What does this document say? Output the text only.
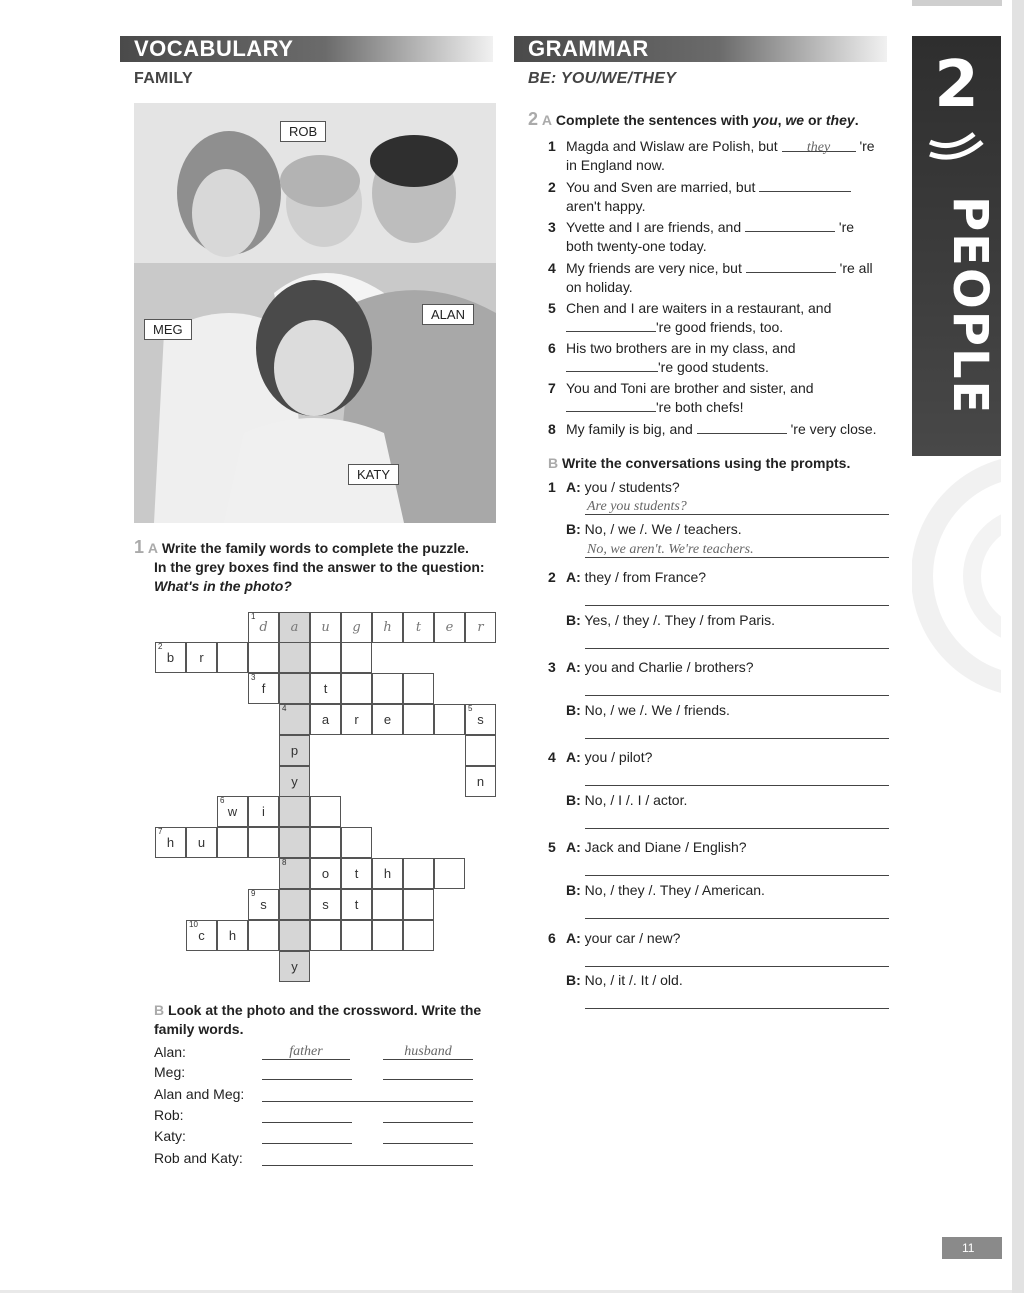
VOCABULARY
FAMILY
GRAMMAR
BE: YOU/WE/THEY
ROB
MEG
ALAN
KATY
1 A Write the family words to complete the puzzle.
In the grey boxes find the answer to the question:
What's in the photo?
1
d	a	u	g	h	t	e	r
2
b	r
3
f	t
4
a	r	e
5
s
p
y	n
6
w	i
7
h	u
8
o	t	h
9
s	s	t
10
c	h
y
B Look at the photo and the crossword. Write the
family words.
Alan:	father	husband
Meg:
Alan and Meg:
Rob:
Katy:
Rob and Katy:
2 A Complete the sentences with you, we or they.
1 Magda and Wislaw are Polish, but they 're
in England now.
2 You and Sven are married, but
aren't happy.
3 Yvette and I are friends, and	're
both twenty-one today.
4 My friends are very nice, but	're all
on holiday.
5 Chen and I are waiters in a restaurant, and
're good friends, too.
6 His two brothers are in my class, and
're good students.
7 You and Toni are brother and sister, and
're both chefs!
8 My family is big, and	're very close.
B Write the conversations using the prompts.
1 A: you / students?
Are you students?
B: No, / we /. We / teachers.
No, we aren't. We're teachers.
2 A: they / from France?
B: Yes, / they /. They / from Paris.
3 A: you and Charlie / brothers?
B: No, / we /. We / friends.
4 A: you / pilot?
B: No, / I /. I / actor.
5 A: Jack and Diane / English?
B: No, / they /. They / American.
6 A: your car / new?
B: No, / it /. It / old.
2
PEOPLE
11
